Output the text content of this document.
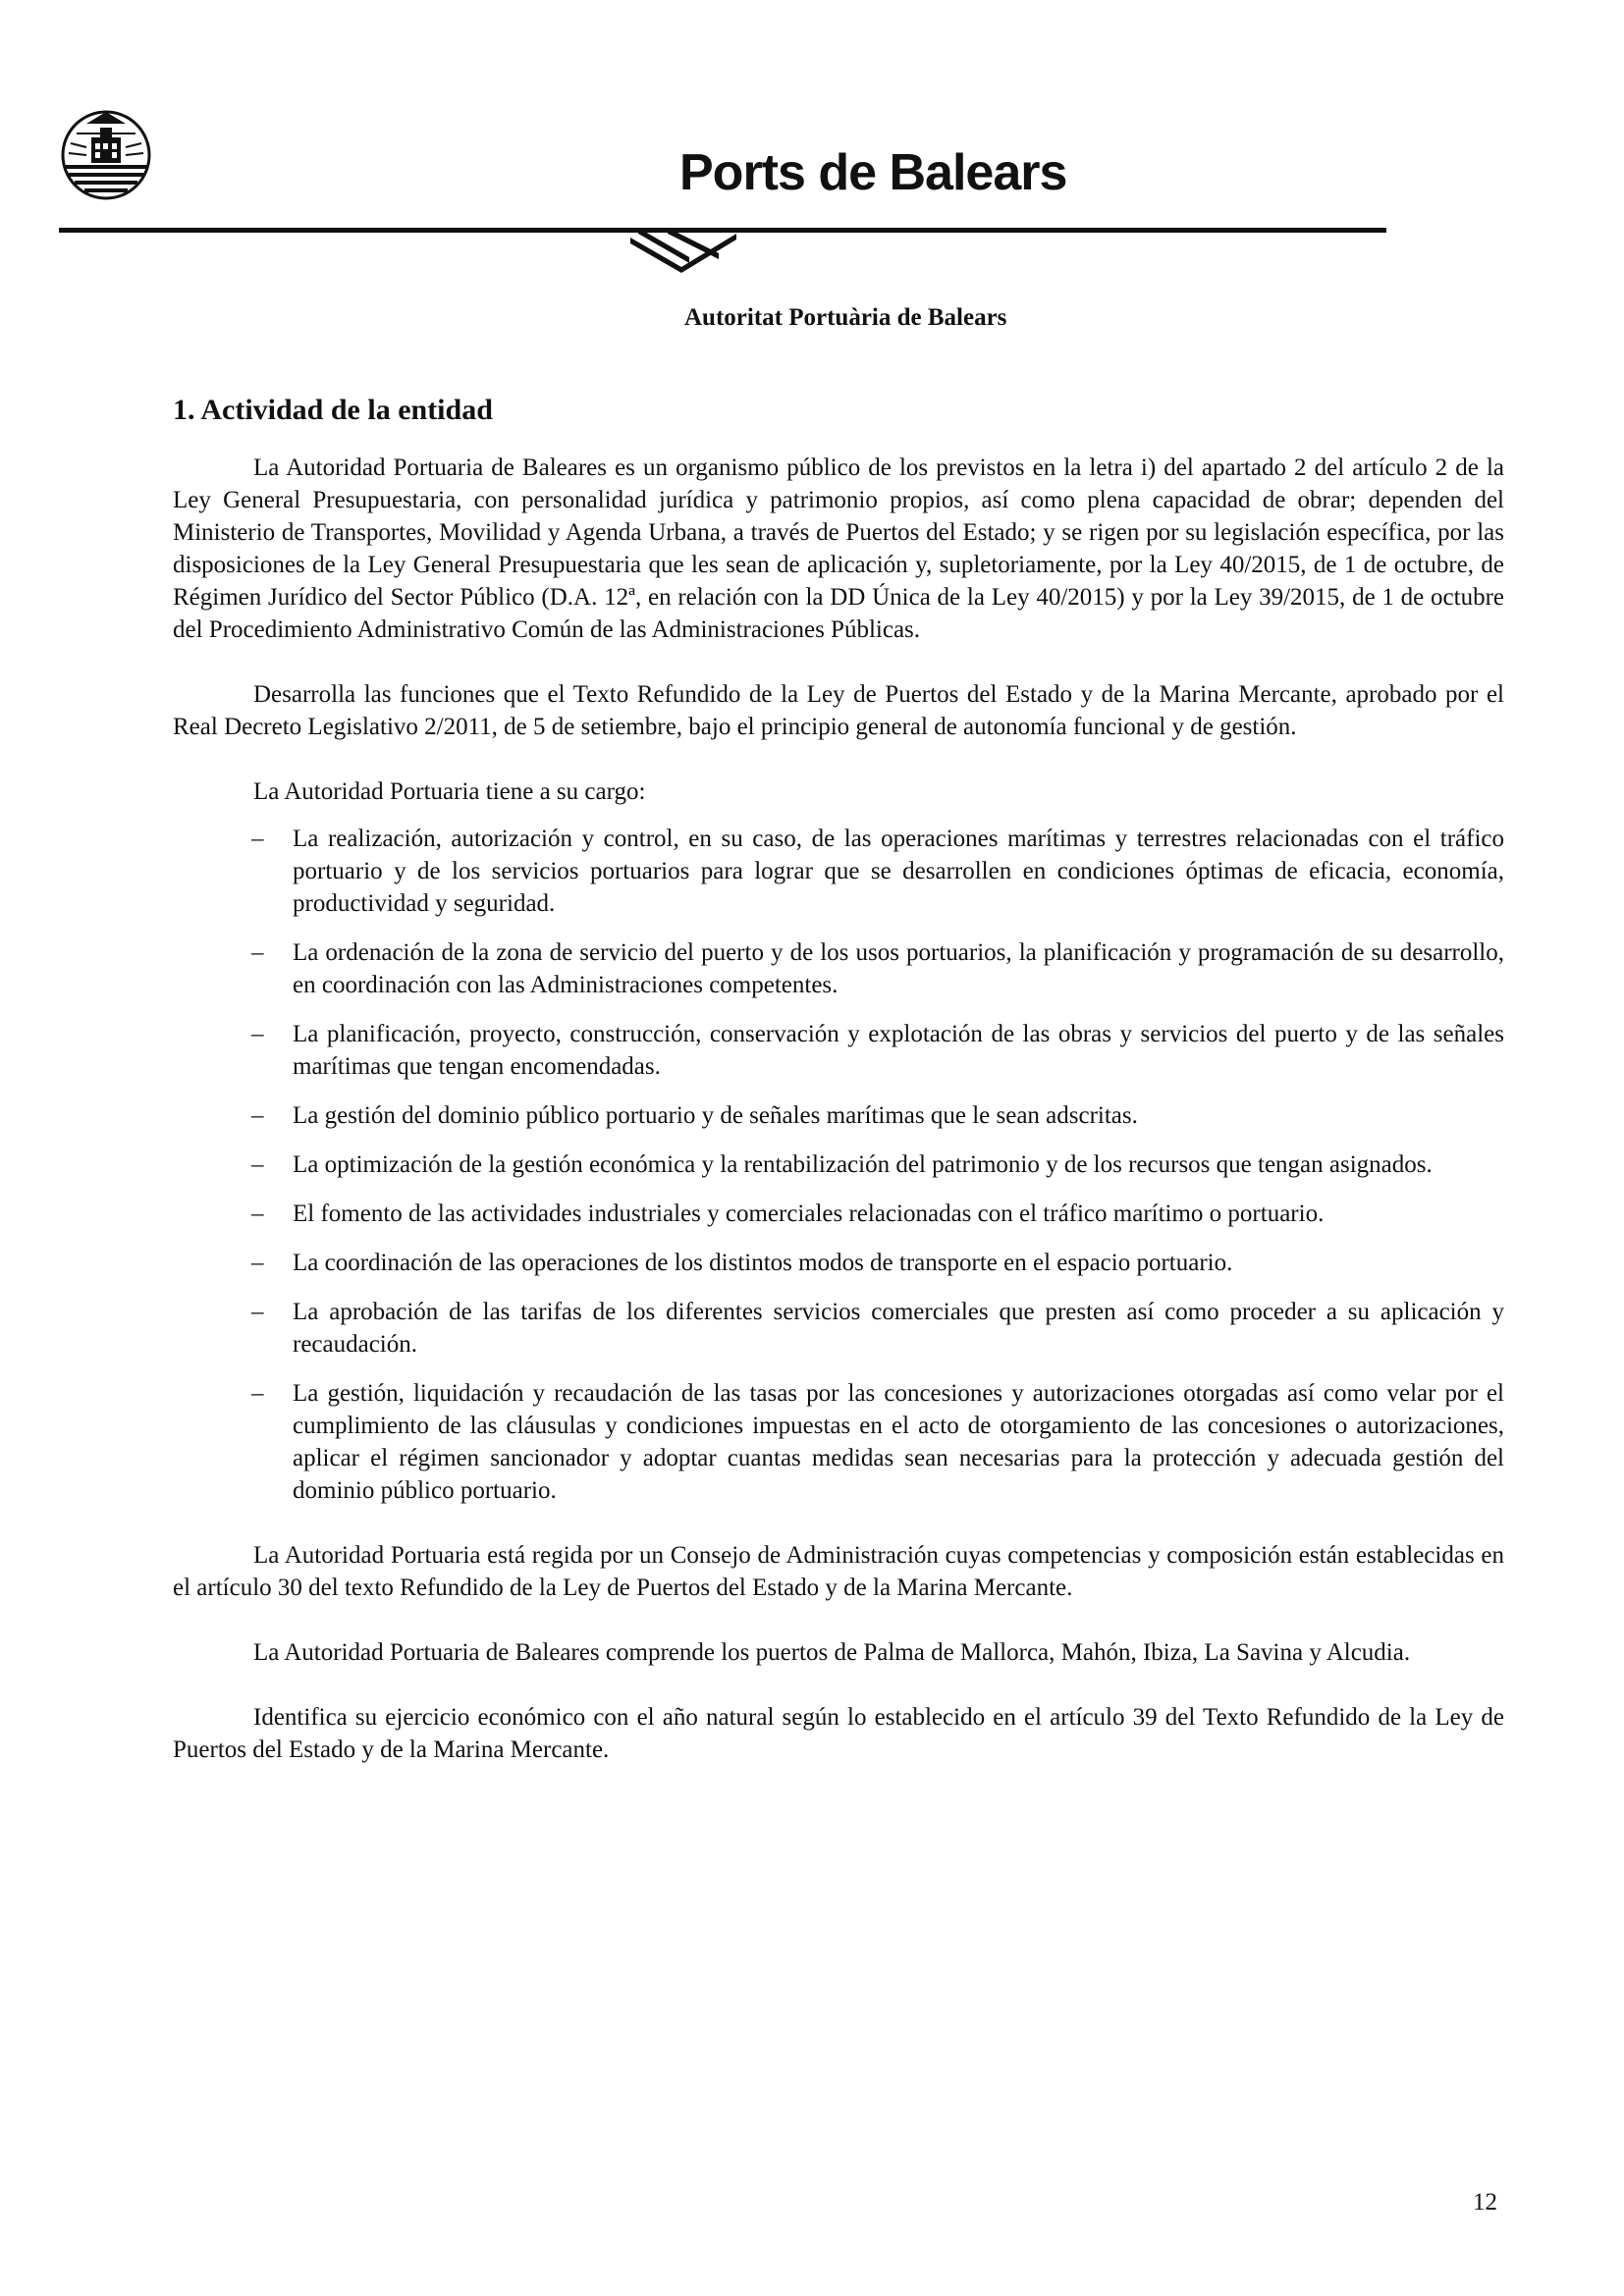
Ports de Balears
Autoritat Portuària de Balears
1. Actividad de la entidad

La Autoridad Portuaria de Baleares es un organismo público de los previstos en la letra i) del apartado 2 del artículo 2 de la Ley General Presupuestaria, con personalidad jurídica y patrimonio propios, así como plena capacidad de obrar; dependen del Ministerio de Transportes, Movilidad y Agenda Urbana, a través de Puertos del Estado; y se rigen por su legislación específica, por las disposiciones de la Ley General Presupuestaria que les sean de aplicación y, supletoriamente, por la Ley 40/2015, de 1 de octubre, de Régimen Jurídico del Sector Público (D.A. 12ª, en relación con la DD Única de la Ley 40/2015) y por la Ley 39/2015, de 1 de octubre del Procedimiento Administrativo Común de las Administraciones Públicas.

Desarrolla las funciones que el Texto Refundido de la Ley de Puertos del Estado y de la Marina Mercante, aprobado por el Real Decreto Legislativo 2/2011, de 5 de setiembre, bajo el principio general de autonomía funcional y de gestión.

La Autoridad Portuaria tiene a su cargo:

– La realización, autorización y control, en su caso, de las operaciones marítimas y terrestres relacionadas con el tráfico portuario y de los servicios portuarios para lograr que se desarrollen en condiciones óptimas de eficacia, economía, productividad y seguridad.
– La ordenación de la zona de servicio del puerto y de los usos portuarios, la planificación y programación de su desarrollo, en coordinación con las Administraciones competentes.
– La planificación, proyecto, construcción, conservación y explotación de las obras y servicios del puerto y de las señales marítimas que tengan encomendadas.
– La gestión del dominio público portuario y de señales marítimas que le sean adscritas.
– La optimización de la gestión económica y la rentabilización del patrimonio y de los recursos que tengan asignados.
– El fomento de las actividades industriales y comerciales relacionadas con el tráfico marítimo o portuario.
– La coordinación de las operaciones de los distintos modos de transporte en el espacio portuario.
– La aprobación de las tarifas de los diferentes servicios comerciales que presten así como proceder a su aplicación y recaudación.
– La gestión, liquidación y recaudación de las tasas por las concesiones y autorizaciones otorgadas así como velar por el cumplimiento de las cláusulas y condiciones impuestas en el acto de otorgamiento de las concesiones o autorizaciones, aplicar el régimen sancionador y adoptar cuantas medidas sean necesarias para la protección y adecuada gestión del dominio público portuario.

La Autoridad Portuaria está regida por un Consejo de Administración cuyas competencias y composición están establecidas en el artículo 30 del texto Refundido de la Ley de Puertos del Estado y de la Marina Mercante.

La Autoridad Portuaria de Baleares comprende los puertos de Palma de Mallorca, Mahón, Ibiza, La Savina y Alcudia.

Identifica su ejercicio económico con el año natural según lo establecido en el artículo 39 del Texto Refundido de la Ley de Puertos del Estado y de la Marina Mercante.

12
